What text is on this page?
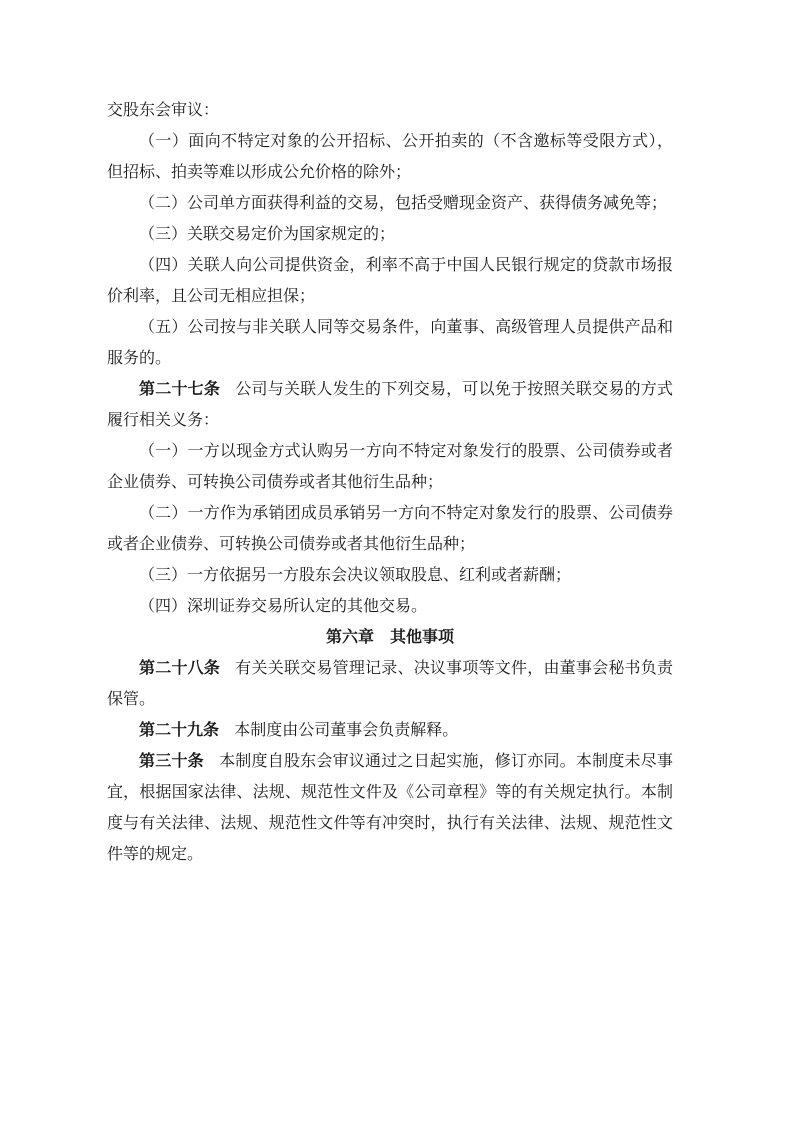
交股东会审议：

（一）面向不特定对象的公开招标、公开拍卖的（不含邀标等受限方式），但招标、拍卖等难以形成公允价格的除外；

（二）公司单方面获得利益的交易，包括受赠现金资产、获得债务减免等；

（三）关联交易定价为国家规定的；

（四）关联人向公司提供资金，利率不高于中国人民银行规定的贷款市场报价利率，且公司无相应担保；

（五）公司按与非关联人同等交易条件，向董事、高级管理人员提供产品和服务的。

第二十七条 公司与关联人发生的下列交易，可以免于按照关联交易的方式履行相关义务：

（一）一方以现金方式认购另一方向不特定对象发行的股票、公司债券或者企业债券、可转换公司债券或者其他衍生品种；

（二）一方作为承销团成员承销另一方向不特定对象发行的股票、公司债券或者企业债券、可转换公司债券或者其他衍生品种；

（三）一方依据另一方股东会决议领取股息、红利或者薪酬；

（四）深圳证券交易所认定的其他交易。

第六章　其他事项

第二十八条 有关关联交易管理记录、决议事项等文件，由董事会秘书负责保管。

第二十九条 本制度由公司董事会负责解释。

第三十条 本制度自股东会审议通过之日起实施，修订亦同。本制度未尽事宜，根据国家法律、法规、规范性文件及《公司章程》等的有关规定执行。本制度与有关法律、法规、规范性文件等有冲突时，执行有关法律、法规、规范性文件等的规定。
